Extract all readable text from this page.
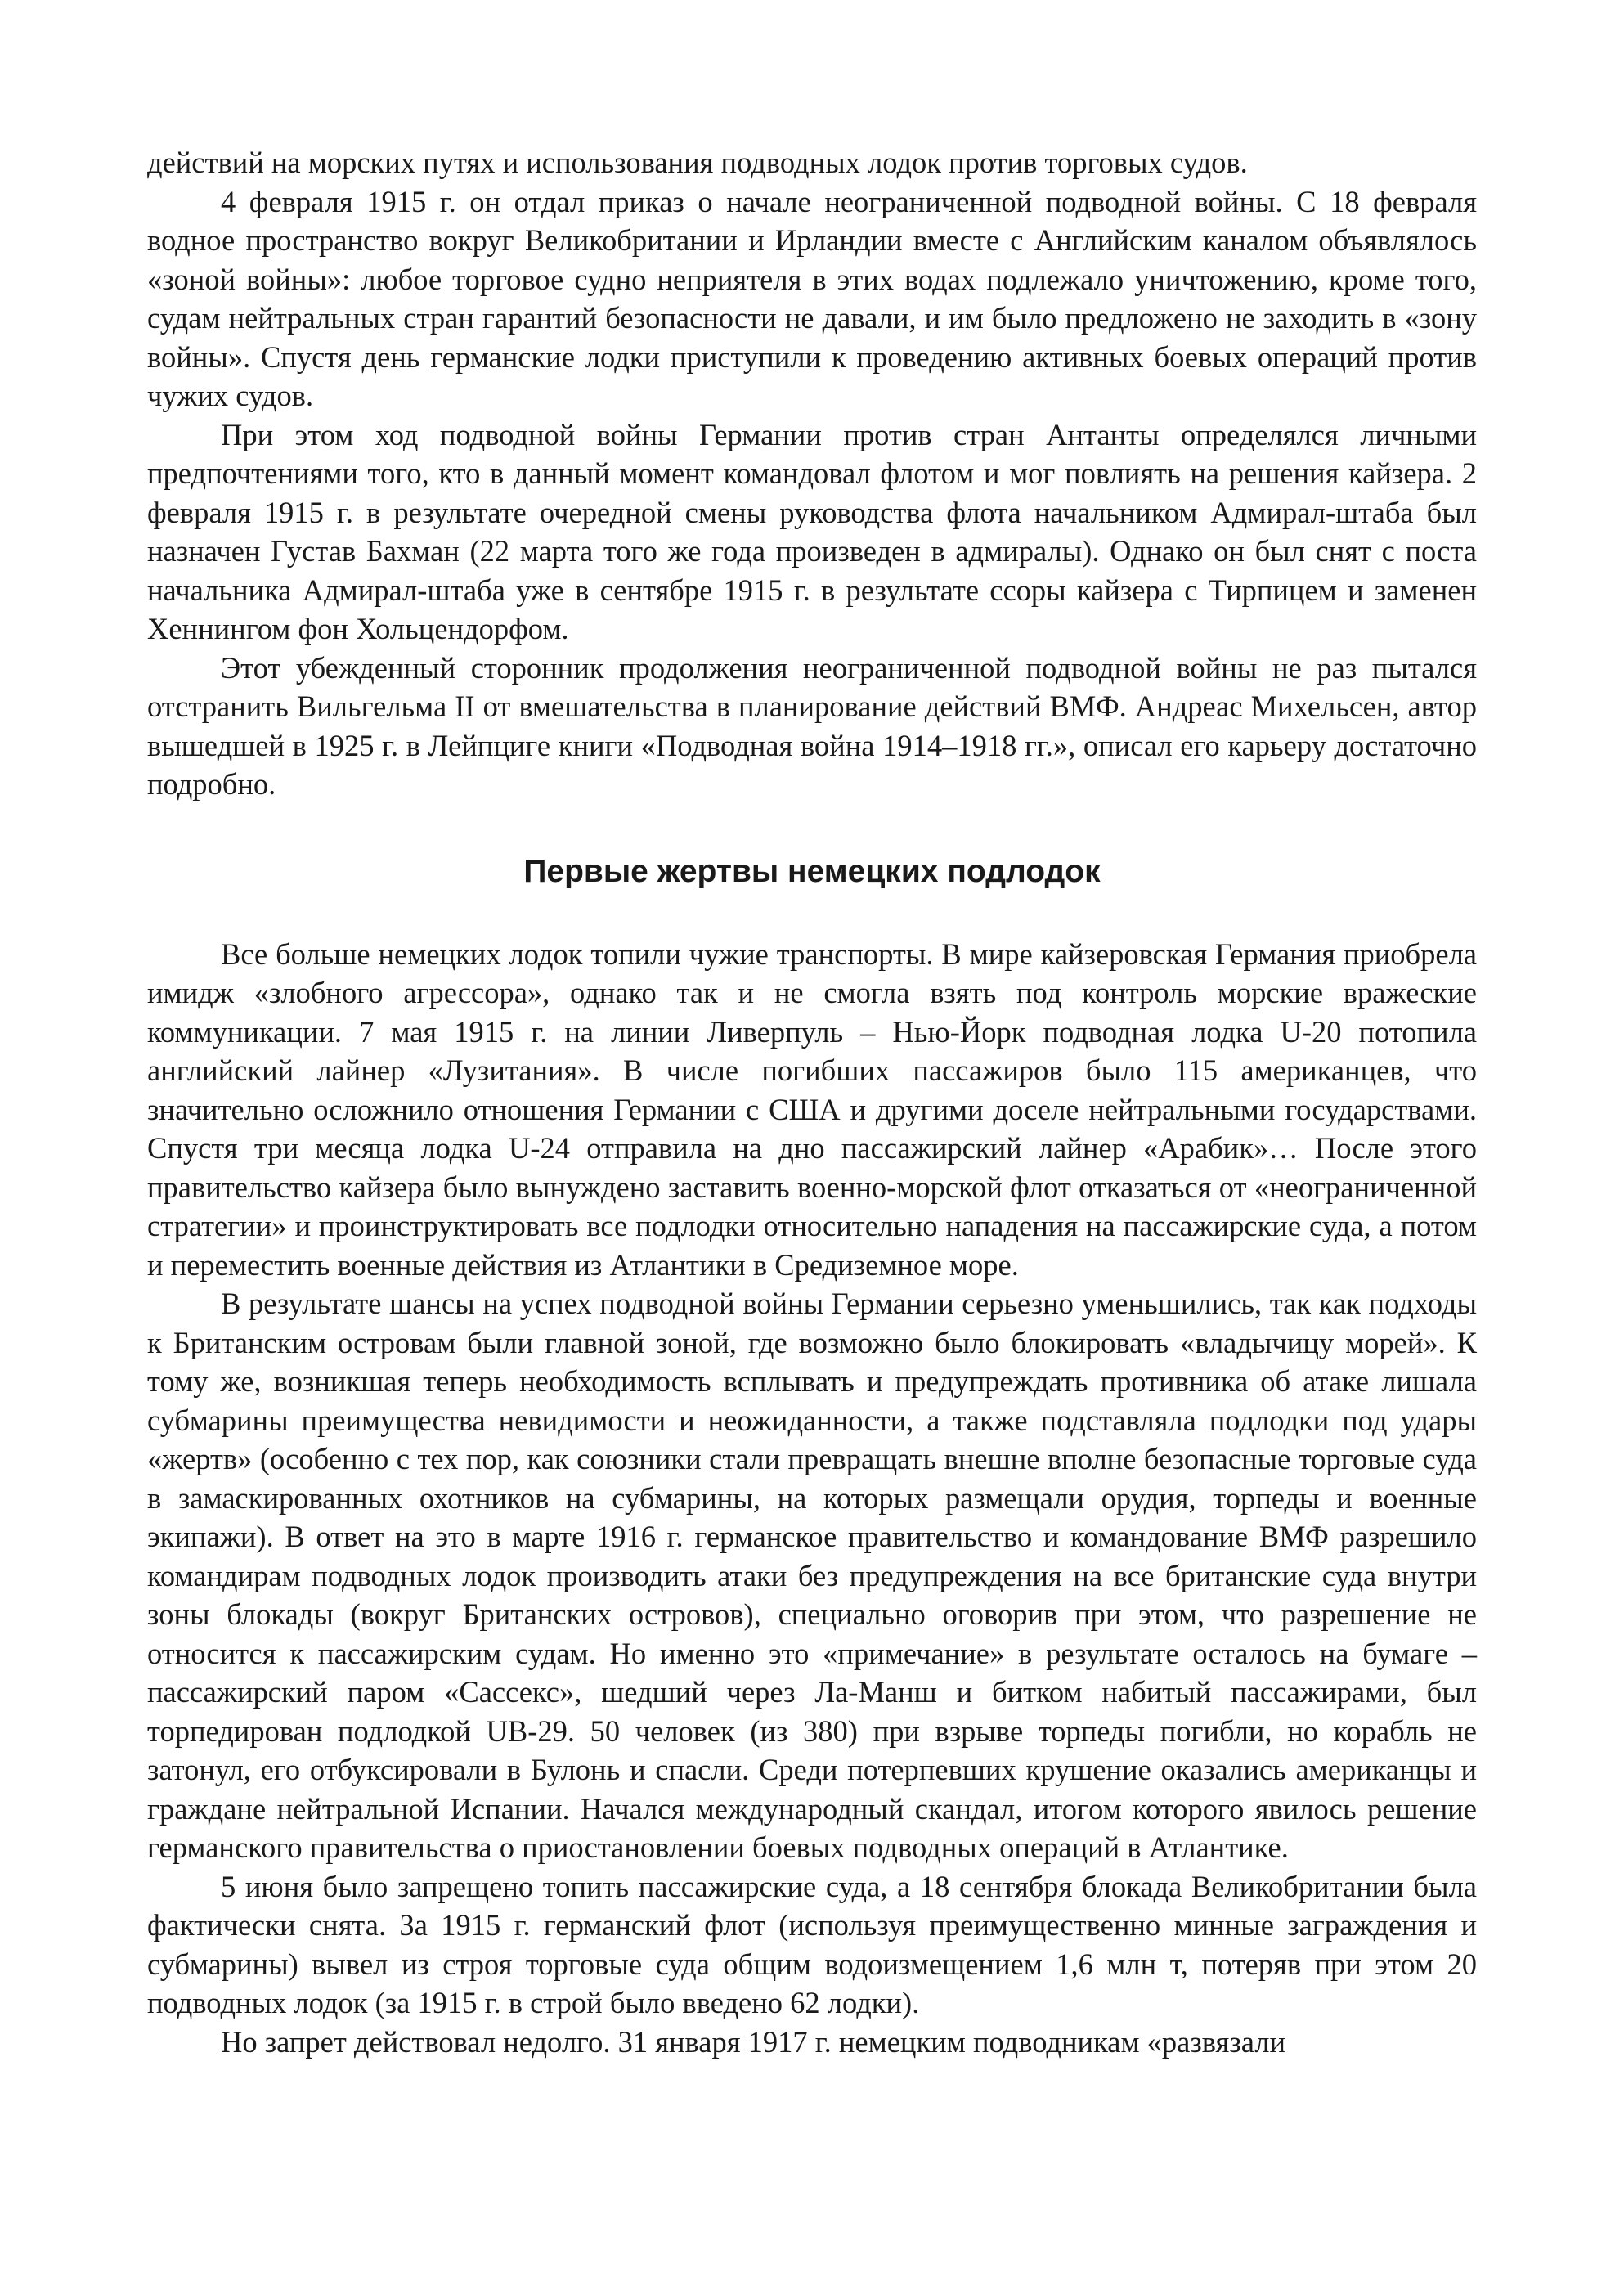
действий на морских путях и использования подводных лодок против торговых судов.

4 февраля 1915 г. он отдал приказ о начале неограниченной подводной войны. С 18 февраля водное пространство вокруг Великобритании и Ирландии вместе с Английским каналом объявлялось «зоной войны»: любое торговое судно неприятеля в этих водах подлежало уничтожению, кроме того, судам нейтральных стран гарантий безопасности не давали, и им было предложено не заходить в «зону войны». Спустя день германские лодки приступили к проведению активных боевых операций против чужих судов.

При этом ход подводной войны Германии против стран Антанты определялся личными предпочтениями того, кто в данный момент командовал флотом и мог повлиять на решения кайзера. 2 февраля 1915 г. в результате очередной смены руководства флота начальником Адмирал-штаба был назначен Густав Бахман (22 марта того же года произведен в адмиралы). Однако он был снят с поста начальника Адмирал-штаба уже в сентябре 1915 г. в результате ссоры кайзера с Тирпицем и заменен Хеннингом фон Хольцендорфом.

Этот убежденный сторонник продолжения неограниченной подводной войны не раз пытался отстранить Вильгельма II от вмешательства в планирование действий ВМФ. Андреас Михельсен, автор вышедшей в 1925 г. в Лейпциге книги «Подводная война 1914–1918 гг.», описал его карьеру достаточно подробно.

Первые жертвы немецких подлодок

Все больше немецких лодок топили чужие транспорты. В мире кайзеровская Германия приобрела имидж «злобного агрессора», однако так и не смогла взять под контроль морские вражеские коммуникации. 7 мая 1915 г. на линии Ливерпуль – Нью-Йорк подводная лодка U-20 потопила английский лайнер «Лузитания». В числе погибших пассажиров было 115 американцев, что значительно осложнило отношения Германии с США и другими доселе нейтральными государствами. Спустя три месяца лодка U-24 отправила на дно пассажирский лайнер «Арабик»… После этого правительство кайзера было вынуждено заставить военно-морской флот отказаться от «неограниченной стратегии» и проинструктировать все подлодки относительно нападения на пассажирские суда, а потом и переместить военные действия из Атлантики в Средиземное море.

В результате шансы на успех подводной войны Германии серьезно уменьшились, так как подходы к Британским островам были главной зоной, где возможно было блокировать «владычицу морей». К тому же, возникшая теперь необходимость всплывать и предупреждать противника об атаке лишала субмарины преимущества невидимости и неожиданности, а также подставляла подлодки под удары «жертв» (особенно с тех пор, как союзники стали превращать внешне вполне безопасные торговые суда в замаскированных охотников на субмарины, на которых размещали орудия, торпеды и военные экипажи). В ответ на это в марте 1916 г. германское правительство и командование ВМФ разрешило командирам подводных лодок производить атаки без предупреждения на все британские суда внутри зоны блокады (вокруг Британских островов), специально оговорив при этом, что разрешение не относится к пассажирским судам. Но именно это «примечание» в результате осталось на бумаге – пассажирский паром «Сассекс», шедший через Ла-Манш и битком набитый пассажирами, был торпедирован подлодкой UB-29. 50 человек (из 380) при взрыве торпеды погибли, но корабль не затонул, его отбуксировали в Булонь и спасли. Среди потерпевших крушение оказались американцы и граждане нейтральной Испании. Начался международный скандал, итогом которого явилось решение германского правительства о приостановлении боевых подводных операций в Атлантике.

5 июня было запрещено топить пассажирские суда, а 18 сентября блокада Великобритании была фактически снята. За 1915 г. германский флот (используя преимущественно минные заграждения и субмарины) вывел из строя торговые суда общим водоизмещением 1,6 млн т, потеряв при этом 20 подводных лодок (за 1915 г. в строй было введено 62 лодки).

Но запрет действовал недолго. 31 января 1917 г. немецким подводникам «развязали
